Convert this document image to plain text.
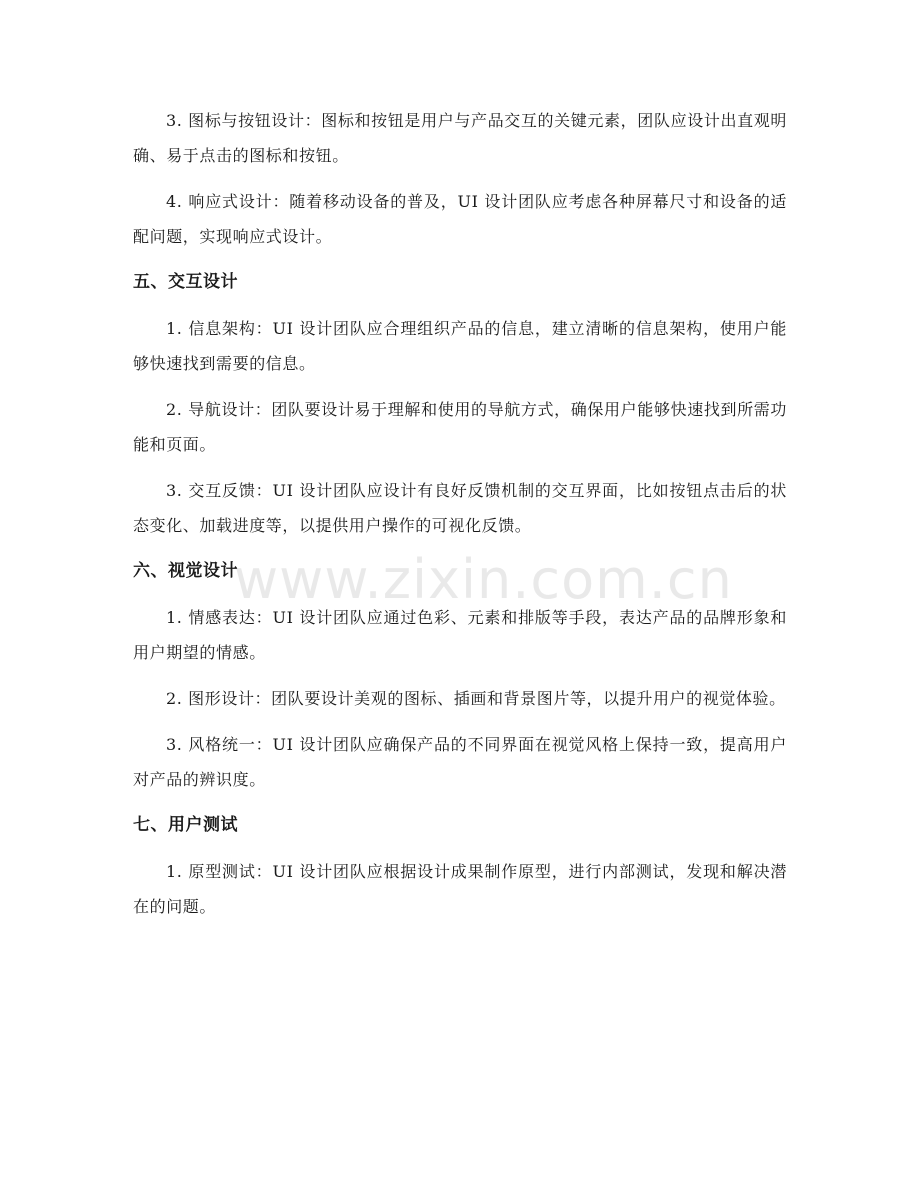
3. 图标与按钮设计：图标和按钮是用户与产品交互的关键元素，团队应设计出直观明确、易于点击的图标和按钮。

4. 响应式设计：随着移动设备的普及，UI 设计团队应考虑各种屏幕尺寸和设备的适配问题，实现响应式设计。

五、交互设计

1. 信息架构：UI 设计团队应合理组织产品的信息，建立清晰的信息架构，使用户能够快速找到需要的信息。

2. 导航设计：团队要设计易于理解和使用的导航方式，确保用户能够快速找到所需功能和页面。

3. 交互反馈：UI 设计团队应设计有良好反馈机制的交互界面，比如按钮点击后的状态变化、加载进度等，以提供用户操作的可视化反馈。

六、视觉设计

1. 情感表达：UI 设计团队应通过色彩、元素和排版等手段，表达产品的品牌形象和用户期望的情感。

2. 图形设计：团队要设计美观的图标、插画和背景图片等，以提升用户的视觉体验。

3. 风格统一：UI 设计团队应确保产品的不同界面在视觉风格上保持一致，提高用户对产品的辨识度。

七、用户测试

1. 原型测试：UI 设计团队应根据设计成果制作原型，进行内部测试，发现和解决潜在的问题。

www.zixin.com.cn
